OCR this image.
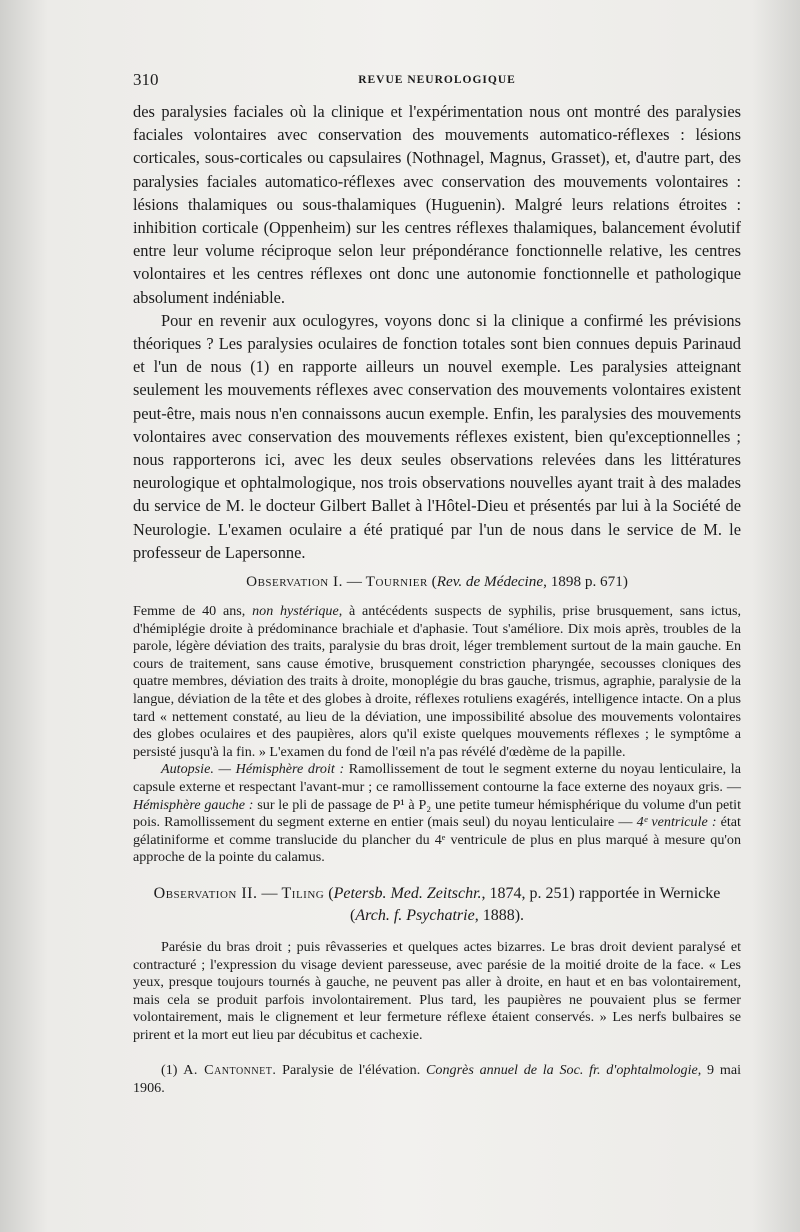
310	REVUE NEUROLOGIQUE

des paralysies faciales où la clinique et l'expérimentation nous ont montré des paralysies faciales volontaires avec conservation des mouvements automatico-réflexes : lésions corticales, sous-corticales ou capsulaires (Nothnagel, Magnus, Grasset), et, d'autre part, des paralysies faciales automatico-réflexes avec conservation des mouvements volontaires : lésions thalamiques ou sous-thalamiques (Huguenin). Malgré leurs relations étroites : inhibition corticale (Oppenheim) sur les centres réflexes thalamiques, balancement évolutif entre leur volume réciproque selon leur prépondérance fonctionnelle relative, les centres volontaires et les centres réflexes ont donc une autonomie fonctionnelle et pathologique absolument indéniable.

Pour en revenir aux oculogyres, voyons donc si la clinique a confirmé les prévisions théoriques ? Les paralysies oculaires de fonction totales sont bien connues depuis Parinaud et l'un de nous (1) en rapporte ailleurs un nouvel exemple. Les paralysies atteignant seulement les mouvements réflexes avec conservation des mouvements volontaires existent peut-être, mais nous n'en connaissons aucun exemple. Enfin, les paralysies des mouvements volontaires avec conservation des mouvements réflexes existent, bien qu'exceptionnelles ; nous rapporterons ici, avec les deux seules observations relevées dans les littératures neurologique et ophtalmologique, nos trois observations nouvelles ayant trait à des malades du service de M. le docteur Gilbert Ballet à l'Hôtel-Dieu et présentés par lui à la Société de Neurologie. L'examen oculaire a été pratiqué par l'un de nous dans le service de M. le professeur de Lapersonne.

Observation I. — Tournier (Rev. de Médecine, 1898 p. 671)

Femme de 40 ans, non hystérique, à antécédents suspects de syphilis, prise brusquement, sans ictus, d'hémiplégie droite à prédominance brachiale et d'aphasie. Tout s'améliore. Dix mois après, troubles de la parole, légère déviation des traits, paralysie du bras droit, léger tremblement surtout de la main gauche. En cours de traitement, sans cause émotive, brusquement constriction pharyngée, secousses cloniques des quatre membres, déviation des traits à droite, monoplégie du bras gauche, trismus, agraphie, paralysie de la langue, déviation de la tête et des globes à droite, réflexes rotuliens exagérés, intelligence intacte. On a plus tard « nettement constaté, au lieu de la déviation, une impossibilité absolue des mouvements volontaires des globes oculaires et des paupières, alors qu'il existe quelques mouvements réflexes ; le symptôme a persisté jusqu'à la fin. » L'examen du fond de l'œil n'a pas révélé d'œdème de la papille.

Autopsie. — Hémisphère droit : Ramollissement de tout le segment externe du noyau lenticulaire, la capsule externe et respectant l'avant-mur ; ce ramollissement contourne la face externe des noyaux gris. — Hémisphère gauche : sur le pli de passage de P¹ à P₂ une petite tumeur hémisphérique du volume d'un petit pois. Ramollissement du segment externe en entier (mais seul) du noyau lenticulaire — 4ᵉ ventricule : état gélatiniforme et comme translucide du plancher du 4ᵉ ventricule de plus en plus marqué à mesure qu'on approche de la pointe du calamus.

Observation II. — Tiling (Petersb. Med. Zeitschr., 1874, p. 251) rapportée in Wernicke (Arch. f. Psychatrie, 1888).

Parésie du bras droit ; puis rêvasseries et quelques actes bizarres. Le bras droit devient paralysé et contracturé ; l'expression du visage devient paresseuse, avec parésie de la moitié droite de la face. « Les yeux, presque toujours tournés à gauche, ne peuvent pas aller à droite, en haut et en bas volontairement, mais cela se produit parfois involontairement. Plus tard, les paupières ne pouvaient plus se fermer volontairement, mais le clignement et leur fermeture réflexe étaient conservés. » Les nerfs bulbaires se prirent et la mort eut lieu par décubitus et cachexie.

(1) A. Cantonnet. Paralysie de l'élévation. Congrès annuel de la Soc. fr. d'ophtalmologie, 9 mai 1906.
